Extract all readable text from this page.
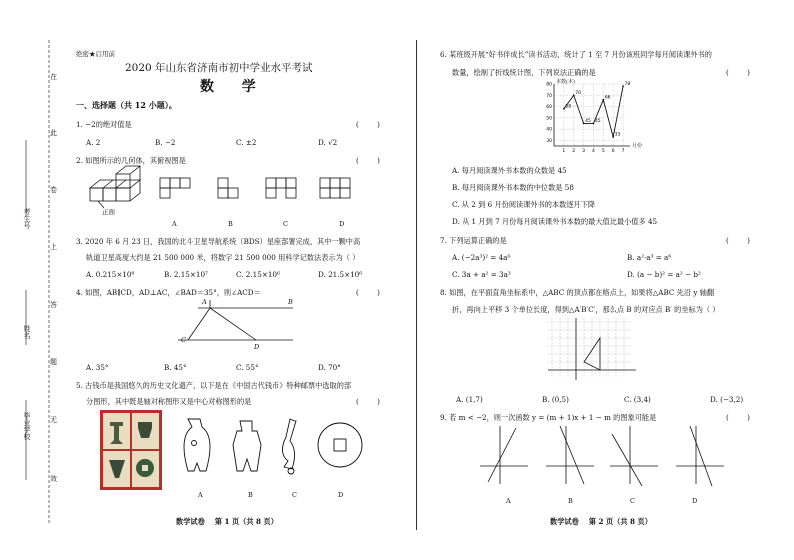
考生号
姓名
毕业学校
在
此
卷
上
答
题
无
效
绝密★启用前
2020 年山东省济南市初中学业水平考试
数  学
一、选择题（共 12 小题）。
1. −2的绝对值是	(        )
A. 2	B. −2	C. ±2	D. √2
2. 如图所示的几何体，其俯视图是	(        )
正面
A	B	C	D
3. 2020 年 6 月 23 日，我国的北斗卫星导航系统（BDS）星座部署完成，其中一颗中高
轨道卫星高度大约是 21 500 000 米，将数字 21 500 000 用科学记数法表示为（ ）
A. 0.215×10⁸	B. 2.15×10⁷	C. 2.15×10⁶	D. 21.5×10⁶
4. 如图，AB∥CD，AD⊥AC，∠BAD＝35°，则∠ACD＝	(        )
A	B
C
D
A. 35°	B. 45°	C. 55°	D. 70°
5. 古钱币是我国悠久的历史文化遗产，以下是在《中国古代钱币》特种邮票中选取的部
分图形，其中既是轴对称图形又是中心对称图形的是	(        )
A	B	C	D
数学试卷    第 1 页（共 8 页）
6. 某班级开展“好书伴成长”读书活动，统计了 1 至 7 月份该班同学每月阅读课外书的
数量，绘制了折线统计图，下列说法正确的是	(        )
30
40
50
60
70
80
1 2 3 4 5 6 7
58
70
45 45
66
33
78
本数(本)
月份
A. 每月阅读课外书本数的众数是 45
B. 每月阅读课外书本数的中位数是 58
C. 从 2 到 6 月份阅读课外书的本数逐月下降
D. 从 1 月到 7 月份每月阅读课外书本数的最大值比最小值多 45
7. 下列运算正确的是	(        )
A. (−2a³)² = 4a⁶	B. a²·a³ = a⁶
C. 3a + a² = 3a³	D. (a − b)² = a² − b²
8. 如图，在平面直角坐标系中，△ABC 的顶点都在格点上，如果将△ABC 先沿 y 轴翻
折，再向上平移 3 个单位长度，得到△A′B′C′，那么点 B 的对应点 B′ 的坐标为（ ）
A. (1,7)	B. (0,5)	C. (3,4)	D. (−3,2)
9. 若 m < −2，则一次函数 y = (m + 1)x + 1 − m 的图象可能是	(        )
A	B	C	D
数学试卷    第 2 页（共 8 页）
